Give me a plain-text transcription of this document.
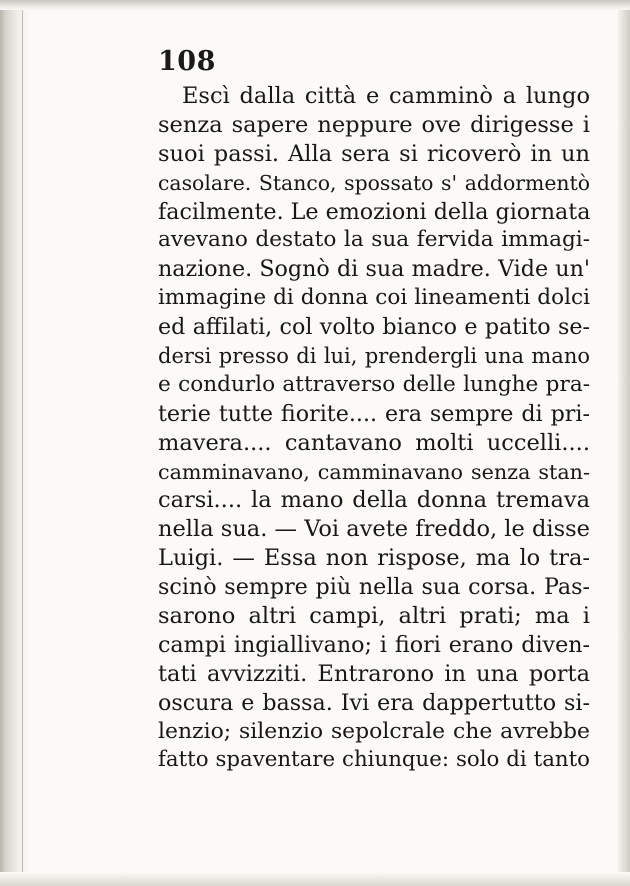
108
Escì dalla città e camminò a lungo
senza sapere neppure ove dirigesse i
suoi passi. Alla sera si ricoverò in un
casolare. Stanco, spossato s' addormentò
facilmente. Le emozioni della giornata
avevano destato la sua fervida immagi-
nazione. Sognò di sua madre. Vide un'
immagine di donna coi lineamenti dolci
ed affilati, col volto bianco e patito se-
dersi presso di lui, prendergli una mano
e condurlo attraverso delle lunghe pra-
terie tutte fiorite.... era sempre di pri-
mavera.... cantavano molti uccelli....
camminavano, camminavano senza stan-
carsi.... la mano della donna tremava
nella sua. — Voi avete freddo, le disse
Luigi. — Essa non rispose, ma lo tra-
scinò sempre più nella sua corsa. Pas-
sarono altri campi, altri prati; ma i
campi ingiallivano; i fiori erano diven-
tati avvizziti. Entrarono in una porta
oscura e bassa. Ivi era dappertutto si-
lenzio; silenzio sepolcrale che avrebbe
fatto spaventare chiunque: solo di tanto
